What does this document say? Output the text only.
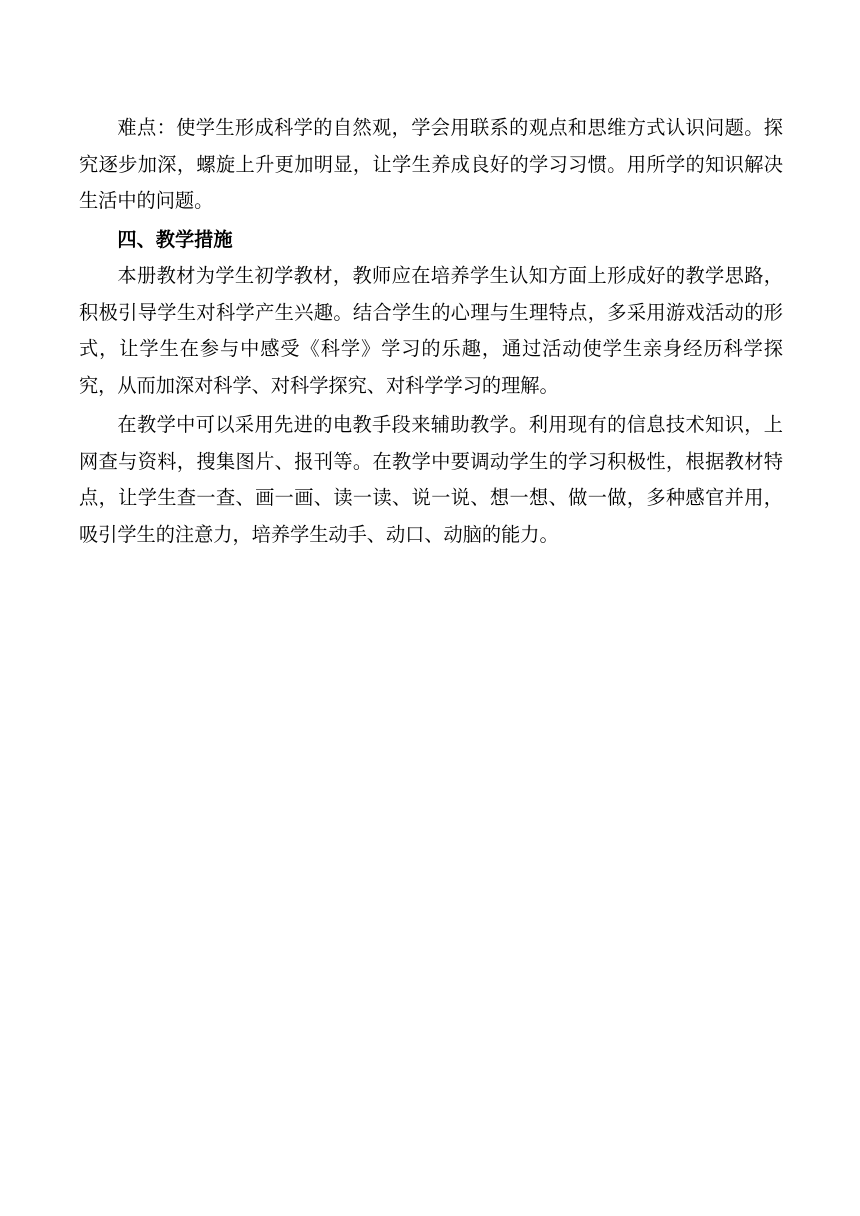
难点：使学生形成科学的自然观，学会用联系的观点和思维方式认识问题。探究逐步加深，螺旋上升更加明显，让学生养成良好的学习习惯。用所学的知识解决生活中的问题。

四、教学措施

本册教材为学生初学教材，教师应在培养学生认知方面上形成好的教学思路，积极引导学生对科学产生兴趣。结合学生的心理与生理特点，多采用游戏活动的形式，让学生在参与中感受《科学》学习的乐趣，通过活动使学生亲身经历科学探究，从而加深对科学、对科学探究、对科学学习的理解。

在教学中可以采用先进的电教手段来辅助教学。利用现有的信息技术知识，上网查与资料，搜集图片、报刊等。在教学中要调动学生的学习积极性，根据教材特点，让学生查一查、画一画、读一读、说一说、想一想、做一做，多种感官并用，吸引学生的注意力，培养学生动手、动口、动脑的能力。
